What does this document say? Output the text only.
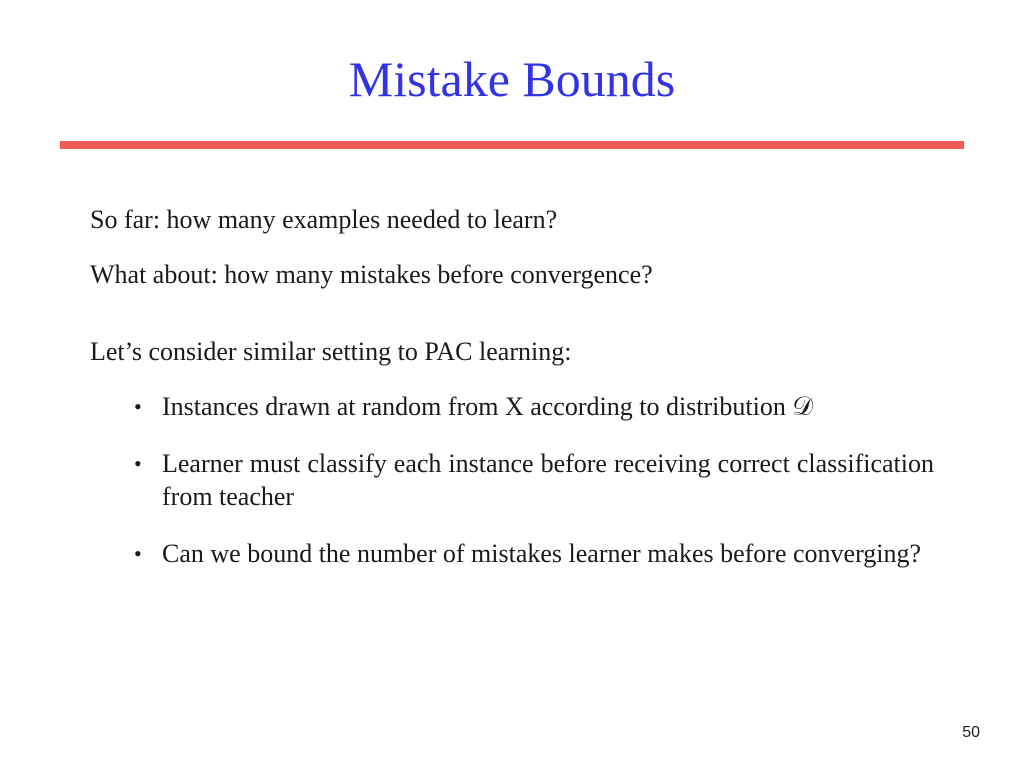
Mistake Bounds
So far: how many examples needed to learn?
What about: how many mistakes before convergence?
Let’s consider similar setting to PAC learning:
• Instances drawn at random from X according to distribution 𝒟
• Learner must classify each instance before receiving correct classification from teacher
• Can we bound the number of mistakes learner makes before converging?
50
